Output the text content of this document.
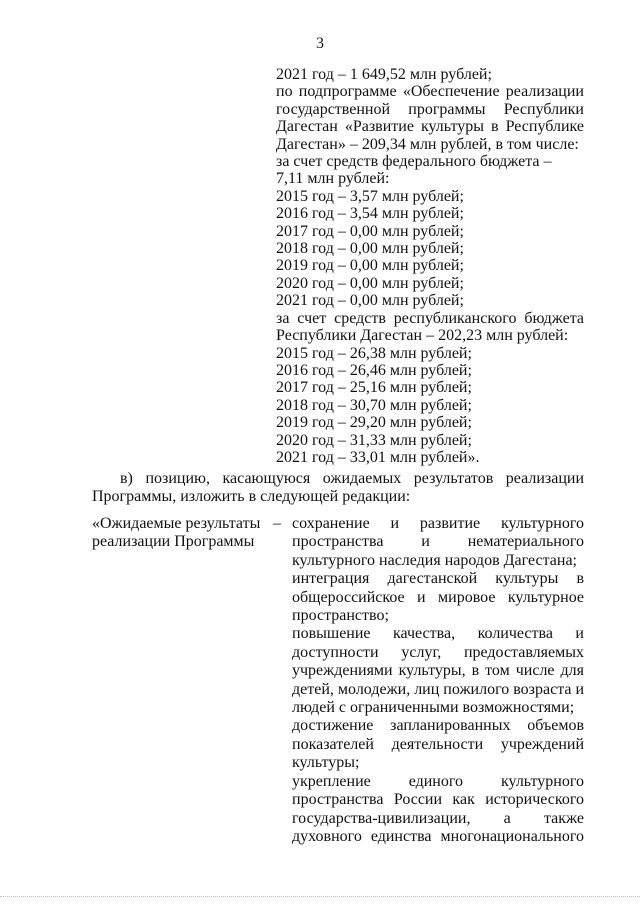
3
2021 год – 1 649,52 млн рублей;
по подпрограмме «Обеспечение реализации
государственной программы Республики
Дагестан «Развитие культуры в Республике
Дагестан» – 209,34 млн рублей, в том числе:
за счет средств федерального бюджета –
7,11 млн рублей:
2015 год – 3,57 млн рублей;
2016 год – 3,54 млн рублей;
2017 год – 0,00 млн рублей;
2018 год – 0,00 млн рублей;
2019 год – 0,00 млн рублей;
2020 год – 0,00 млн рублей;
2021 год – 0,00 млн рублей;
за счет средств республиканского бюджета
Республики Дагестан – 202,23 млн рублей:
2015 год – 26,38 млн рублей;
2016 год – 26,46 млн рублей;
2017 год – 25,16 млн рублей;
2018 год – 30,70 млн рублей;
2019 год – 29,20 млн рублей;
2020 год – 31,33 млн рублей;
2021 год – 33,01 млн рублей».
в) позицию, касающуюся ожидаемых результатов реализации
Программы, изложить в следующей редакции:
«Ожидаемые результаты
реализации Программы
– сохранение и развитие культурного
пространства и нематериального
культурного наследия народов Дагестана;
интеграция дагестанской культуры в
общероссийское и мировое культурное
пространство;
повышение качества, количества и
доступности услуг, предоставляемых
учреждениями культуры, в том числе для
детей, молодежи, лиц пожилого возраста и
людей с ограниченными возможностями;
достижение запланированных объемов
показателей деятельности учреждений
культуры;
укрепление единого культурного
пространства России как исторического
государства-цивилизации, а также
духовного единства многонационального
